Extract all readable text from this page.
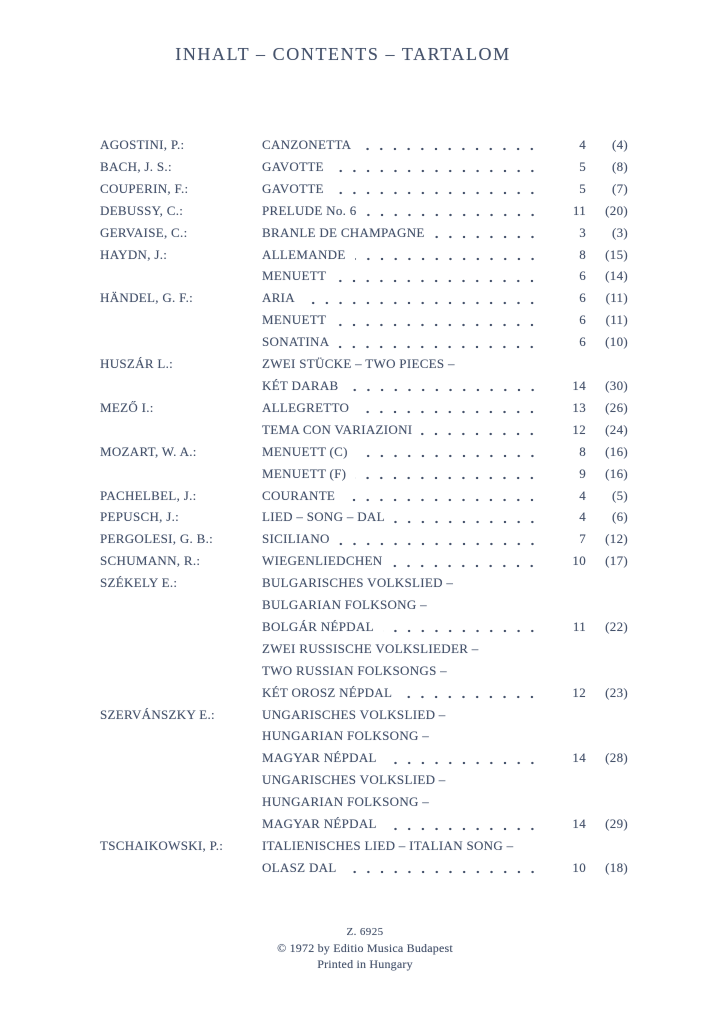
INHALT – CONTENTS – TARTALOM
AGOSTINI, P.:	CANZONETTA	4	(4)
BACH, J. S.:	GAVOTTE	5	(8)
COUPERIN, F.:	GAVOTTE	5	(7)
DEBUSSY, C.:	PRELUDE No. 6	11	(20)
GERVAISE, C.:	BRANLE DE CHAMPAGNE	3	(3)
HAYDN, J.:	ALLEMANDE	8	(15)
MENUETT	6	(14)
HÄNDEL, G. F.:	ARIA	6	(11)
MENUETT	6	(11)
SONATINA	6	(10)
HUSZÁR L.:	ZWEI STÜCKE – TWO PIECES –
KÉT DARAB	14	(30)
MEZŐ I.:	ALLEGRETTO	13	(26)
TEMA CON VARIAZIONI	12	(24)
MOZART, W. A.:	MENUETT (C)	8	(16)
MENUETT (F)	9	(16)
PACHELBEL, J.:	COURANTE	4	(5)
PEPUSCH, J.:	LIED – SONG – DAL	4	(6)
PERGOLESI, G. B.:	SICILIANO	7	(12)
SCHUMANN, R.:	WIEGENLIEDCHEN	10	(17)
SZÉKELY E.:	BULGARISCHES VOLKSLIED –
BULGARIAN FOLKSONG –
BOLGÁR NÉPDAL	11	(22)
ZWEI RUSSISCHE VOLKSLIEDER –
TWO RUSSIAN FOLKSONGS –
KÉT OROSZ NÉPDAL	12	(23)
SZERVÁNSZKY E.:	UNGARISCHES VOLKSLIED –
HUNGARIAN FOLKSONG –
MAGYAR NÉPDAL	14	(28)
UNGARISCHES VOLKSLIED –
HUNGARIAN FOLKSONG –
MAGYAR NÉPDAL	14	(29)
TSCHAIKOWSKI, P.:	ITALIENISCHES LIED – ITALIAN SONG –
OLASZ DAL	10	(18)
Z. 6925
© 1972 by Editio Musica Budapest
Printed in Hungary
